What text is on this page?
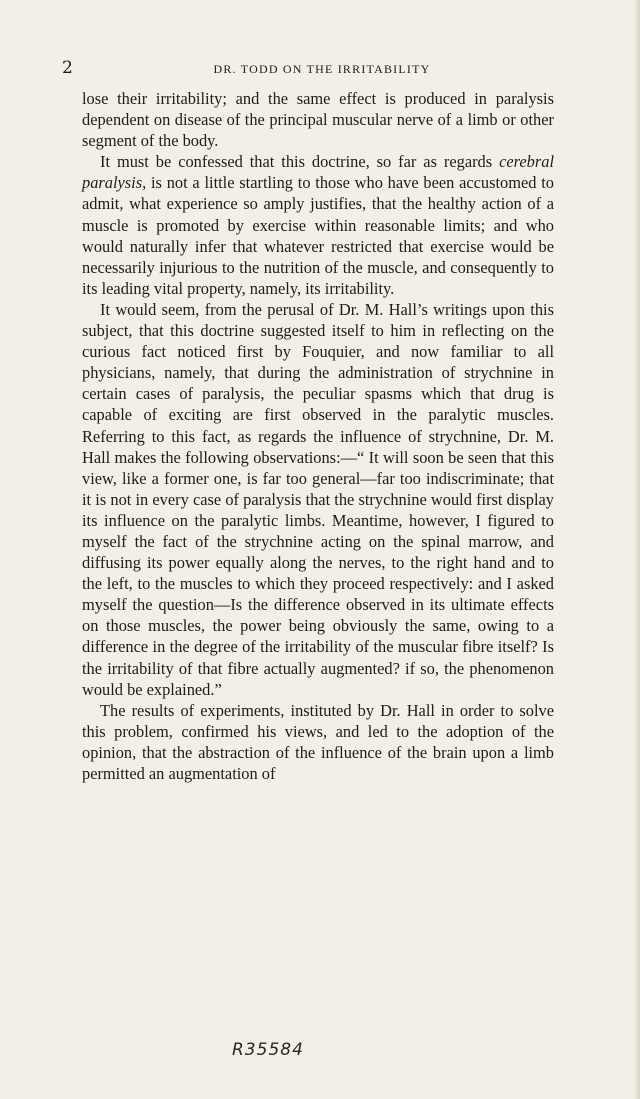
2	DR. TODD ON THE IRRITABILITY

lose their irritability; and the same effect is produced in paralysis dependent on disease of the principal muscular nerve of a limb or other segment of the body.

It must be confessed that this doctrine, so far as regards cerebral paralysis, is not a little startling to those who have been accustomed to admit, what experience so amply justifies, that the healthy action of a muscle is promoted by exercise within reasonable limits; and who would naturally infer that whatever restricted that exercise would be necessarily injurious to the nutrition of the muscle, and consequently to its leading vital property, namely, its irritability.

It would seem, from the perusal of Dr. M. Hall’s writings upon this subject, that this doctrine suggested itself to him in reflecting on the curious fact noticed first by Fouquier, and now familiar to all physicians, namely, that during the administration of strychnine in certain cases of paralysis, the peculiar spasms which that drug is capable of exciting are first observed in the paralytic muscles. Referring to this fact, as regards the influence of strychnine, Dr. M. Hall makes the following observations:—“ It will soon be seen that this view, like a former one, is far too general—far too indiscriminate; that it is not in every case of paralysis that the strychnine would first display its influence on the paralytic limbs. Meantime, however, I figured to myself the fact of the strychnine acting on the spinal marrow, and diffusing its power equally along the nerves, to the right hand and to the left, to the muscles to which they proceed respectively: and I asked myself the question—Is the difference observed in its ultimate effects on those muscles, the power being obviously the same, owing to a difference in the degree of the irritability of the muscular fibre itself? Is the irritability of that fibre actually augmented? if so, the phenomenon would be explained.”

The results of experiments, instituted by Dr. Hall in order to solve this problem, confirmed his views, and led to the adoption of the opinion, that the abstraction of the influence of the brain upon a limb permitted an augmentation of

R35584
